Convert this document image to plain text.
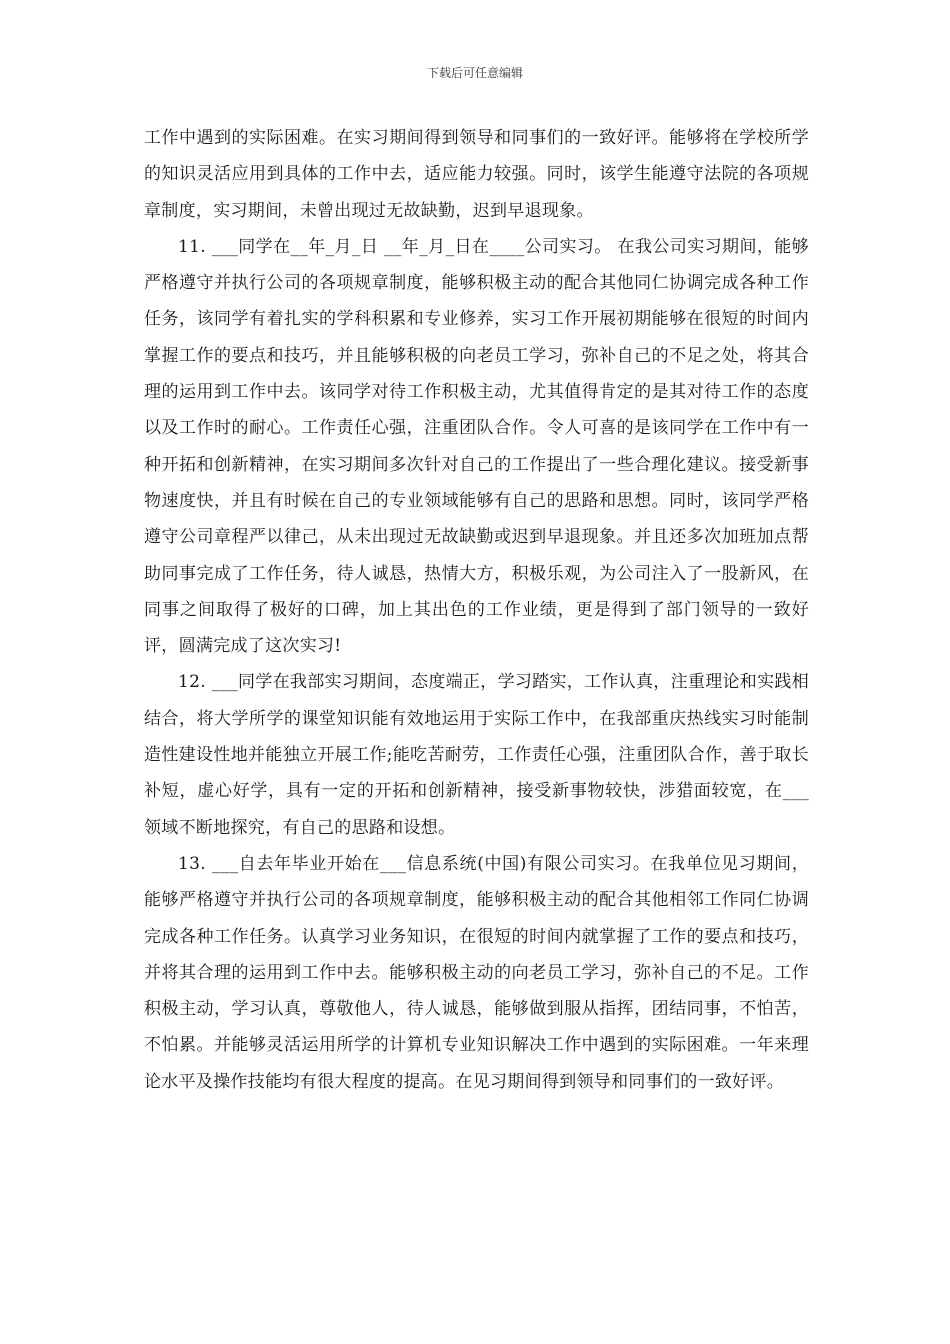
下载后可任意编辑

工作中遇到的实际困难。在实习期间得到领导和同事们的一致好评。能够将在学校所学的知识灵活应用到具体的工作中去，适应能力较强。同时，该学生能遵守法院的各项规章制度，实习期间，未曾出现过无故缺勤，迟到早退现象。

11. ___同学在__年_月_日 __年_月_日在____公司实习。 在我公司实习期间，能够严格遵守并执行公司的各项规章制度，能够积极主动的配合其他同仁协调完成各种工作任务，该同学有着扎实的学科积累和专业修养，实习工作开展初期能够在很短的时间内掌握工作的要点和技巧，并且能够积极的向老员工学习，弥补自己的不足之处，将其合理的运用到工作中去。该同学对待工作积极主动，尤其值得肯定的是其对待工作的态度以及工作时的耐心。工作责任心强，注重团队合作。令人可喜的是该同学在工作中有一种开拓和创新精神，在实习期间多次针对自己的工作提出了一些合理化建议。接受新事物速度快，并且有时候在自己的专业领域能够有自己的思路和思想。同时，该同学严格遵守公司章程严以律己，从未出现过无故缺勤或迟到早退现象。并且还多次加班加点帮助同事完成了工作任务，待人诚恳，热情大方，积极乐观，为公司注入了一股新风，在同事之间取得了极好的口碑，加上其出色的工作业绩，更是得到了部门领导的一致好评，圆满完成了这次实习!

12. ___同学在我部实习期间，态度端正，学习踏实，工作认真，注重理论和实践相结合，将大学所学的课堂知识能有效地运用于实际工作中，在我部重庆热线实习时能制造性建设性地并能独立开展工作;能吃苦耐劳，工作责任心强，注重团队合作，善于取长补短，虚心好学，具有一定的开拓和创新精神，接受新事物较快，涉猎面较宽，在___领域不断地探究，有自己的思路和设想。

13. ___自去年毕业开始在___信息系统(中国)有限公司实习。在我单位见习期间，能够严格遵守并执行公司的各项规章制度，能够积极主动的配合其他相邻工作同仁协调完成各种工作任务。认真学习业务知识，在很短的时间内就掌握了工作的要点和技巧，并将其合理的运用到工作中去。能够积极主动的向老员工学习，弥补自己的不足。工作积极主动，学习认真，尊敬他人，待人诚恳，能够做到服从指挥，团结同事，不怕苦，不怕累。并能够灵活运用所学的计算机专业知识解决工作中遇到的实际困难。一年来理论水平及操作技能均有很大程度的提高。在见习期间得到领导和同事们的一致好评。
